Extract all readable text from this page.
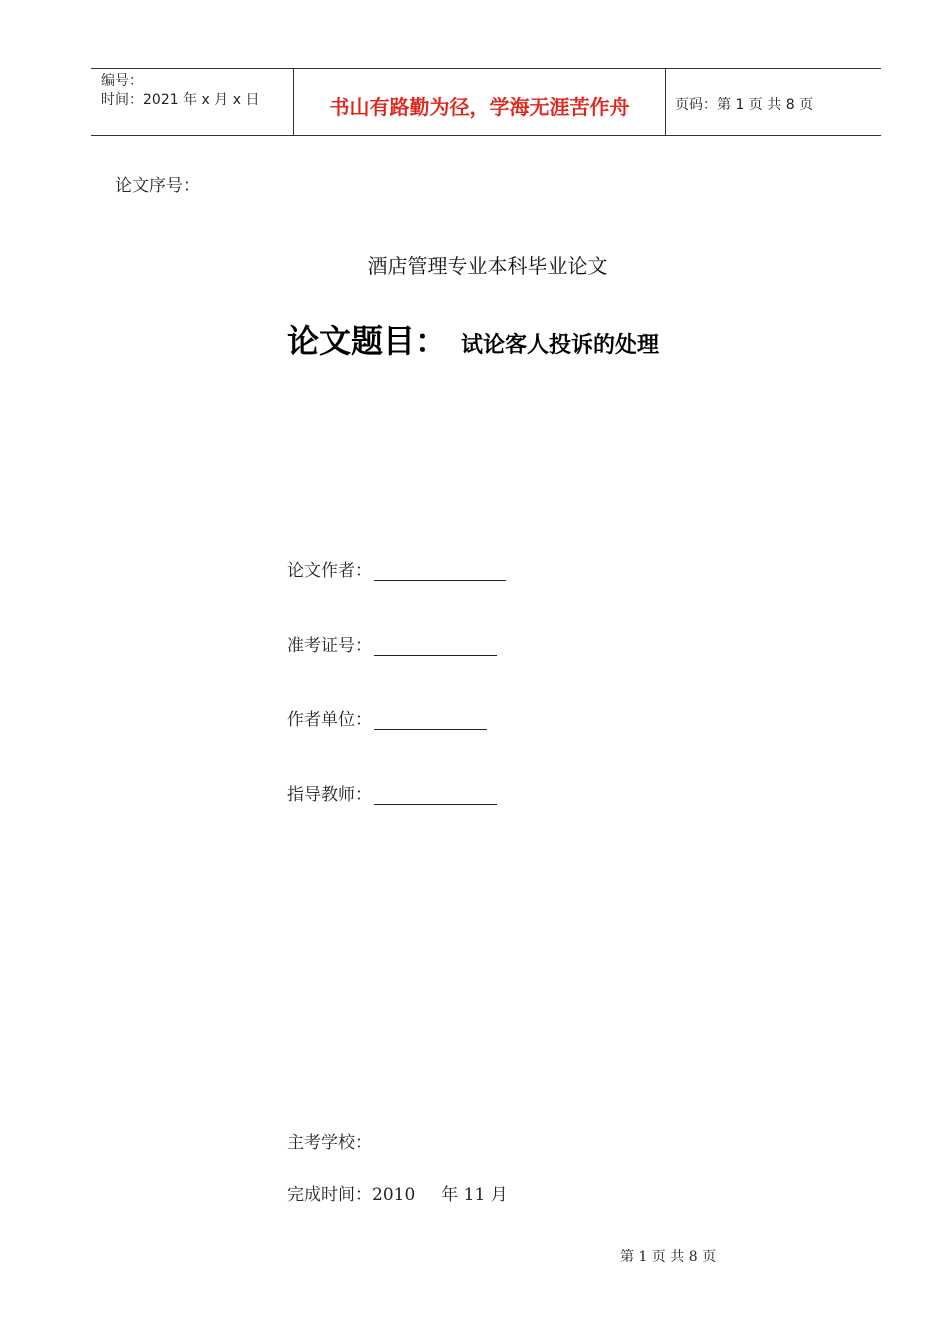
编号：
时间：2021 年 x 月 x 日	书山有路勤为径，学海无涯苦作舟	页码：第 1 页 共 8 页
论文序号：
酒店管理专业本科毕业论文
论文题目： 试论客人投诉的处理
论文作者：
准考证号：
作者单位：
指导教师：
主考学校：
完成时间：2010 年 11 月
第 1 页 共 8 页
